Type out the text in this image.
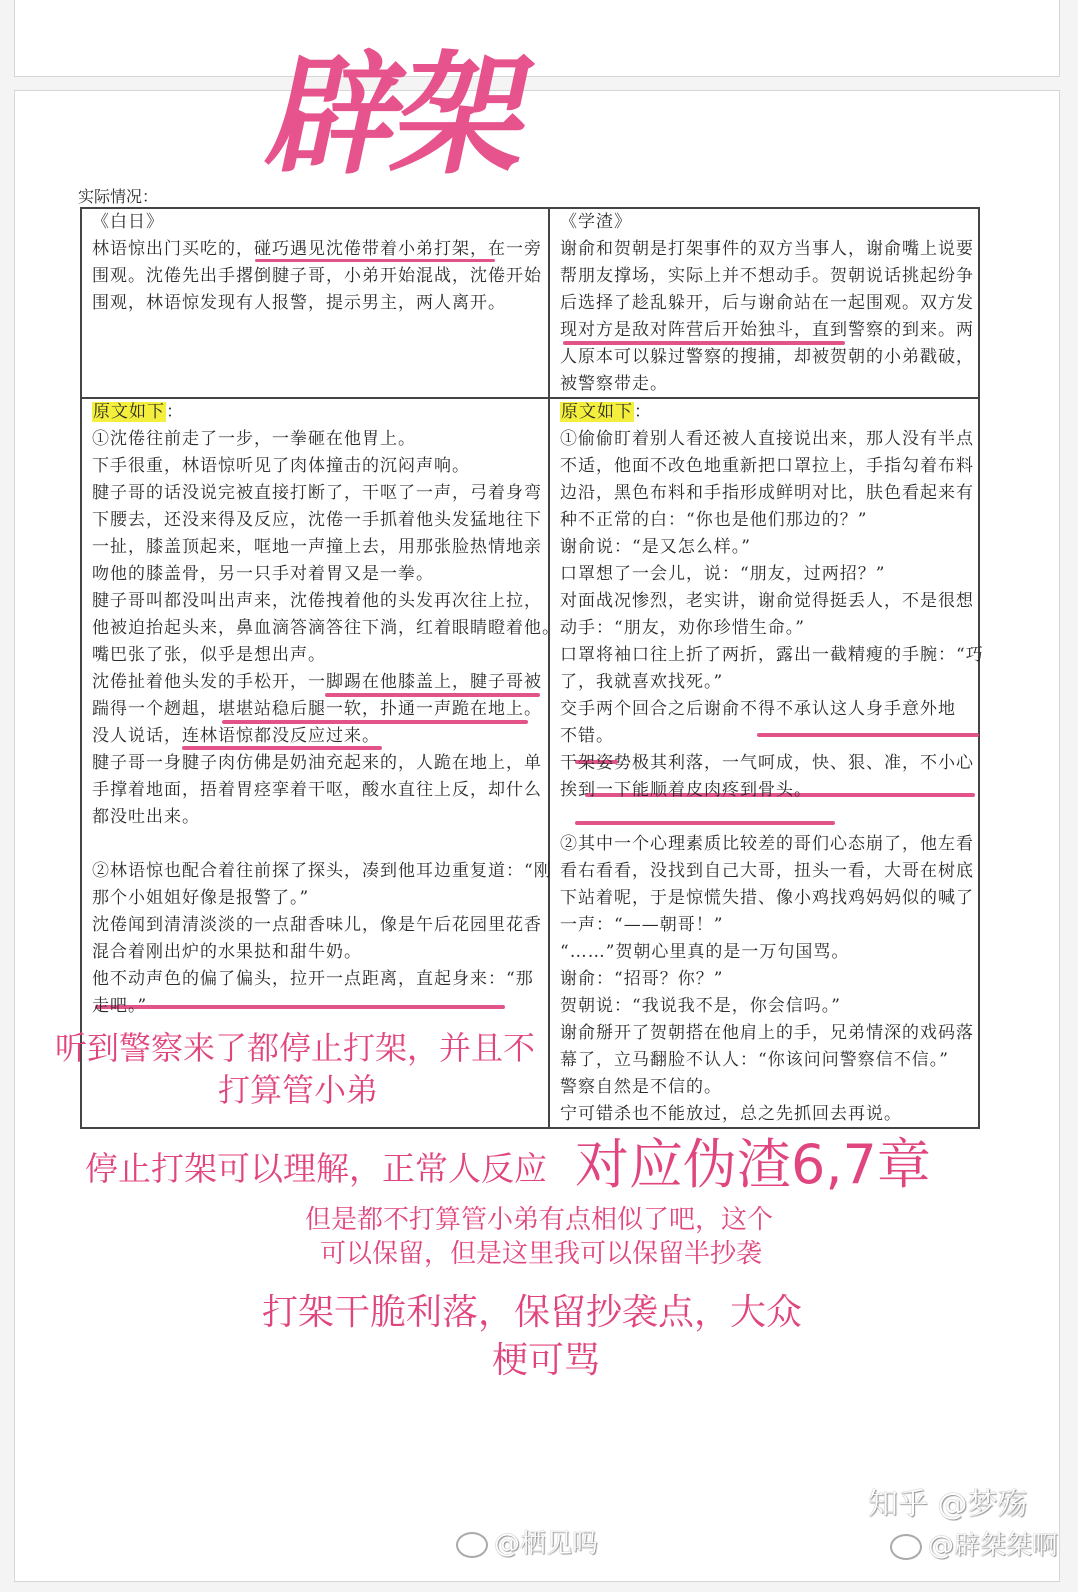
辟架
实际情况：
《白日》
林语惊出门买吃的，碰巧遇见沈倦带着小弟打架，在一旁
围观。沈倦先出手撂倒腱子哥，小弟开始混战，沈倦开始
围观，林语惊发现有人报警，提示男主，两人离开。
《学渣》
谢俞和贺朝是打架事件的双方当事人，谢俞嘴上说要
帮朋友撑场，实际上并不想动手。贺朝说话挑起纷争
后选择了趁乱躲开，后与谢俞站在一起围观。双方发
现对方是敌对阵营后开始独斗，直到警察的到来。两
人原本可以躲过警察的搜捕，却被贺朝的小弟戳破，
被警察带走。
原文如下：
①沈倦往前走了一步，一拳砸在他胃上。
下手很重，林语惊听见了肉体撞击的沉闷声响。
腱子哥的话没说完被直接打断了，干呕了一声，弓着身弯
下腰去，还没来得及反应，沈倦一手抓着他头发猛地往下
一扯，膝盖顶起来，哐地一声撞上去，用那张脸热情地亲
吻他的膝盖骨，另一只手对着胃又是一拳。
腱子哥叫都没叫出声来，沈倦拽着他的头发再次往上拉，
他被迫抬起头来，鼻血滴答滴答往下淌，红着眼睛瞪着他。
嘴巴张了张，似乎是想出声。
沈倦扯着他头发的手松开，一脚踢在他膝盖上，腱子哥被
踹得一个趔趄，堪堪站稳后腿一软，扑通一声跪在地上。
没人说话，连林语惊都没反应过来。
腱子哥一身腱子肉仿佛是奶油充起来的，人跪在地上，单
手撑着地面，捂着胃痉挛着干呕，酸水直往上反，却什么
都没吐出来。
②林语惊也配合着往前探了探头，凑到他耳边重复道：“刚
那个小姐姐好像是报警了。”
沈倦闻到清清淡淡的一点甜香味儿，像是午后花园里花香
混合着刚出炉的水果挞和甜牛奶。
他不动声色的偏了偏头，拉开一点距离，直起身来：“那
走吧。”
原文如下：
①偷偷盯着别人看还被人直接说出来，那人没有半点
不适，他面不改色地重新把口罩拉上，手指勾着布料
边沿，黑色布料和手指形成鲜明对比，肤色看起来有
种不正常的白：“你也是他们那边的？”
谢俞说：“是又怎么样。”
口罩想了一会儿，说：“朋友，过两招？”
对面战况惨烈，老实讲，谢俞觉得挺丢人，不是很想
动手：“朋友，劝你珍惜生命。”
口罩将袖口往上折了两折，露出一截精瘦的手腕：“巧
了，我就喜欢找死。”
交手两个回合之后谢俞不得不承认这人身手意外地
不错。
干架姿势极其利落，一气呵成，快、狠、准，不小心
挨到一下能顺着皮肉疼到骨头。
②其中一个心理素质比较差的哥们心态崩了，他左看
看右看看，没找到自己大哥，扭头一看，大哥在树底
下站着呢，于是惊慌失措、像小鸡找鸡妈妈似的喊了
一声：“——朝哥！”
“……”贺朝心里真的是一万句国骂。
谢俞：“招哥？你？”
贺朝说：“我说我不是，你会信吗。”
谢俞掰开了贺朝搭在他肩上的手，兄弟情深的戏码落
幕了，立马翻脸不认人：“你该问问警察信不信。”
警察自然是不信的。
宁可错杀也不能放过，总之先抓回去再说。
听到警察来了都停止打架，并且不
打算管小弟
对应伪渣6,7章
停止打架可以理解，正常人反应
但是都不打算管小弟有点相似了吧，这个
可以保留，但是这里我可以保留半抄袭
打架干脆利落，保留抄袭点，大众
梗可骂
@栖见吗
知乎 @梦殇
@辟桀桀啊
